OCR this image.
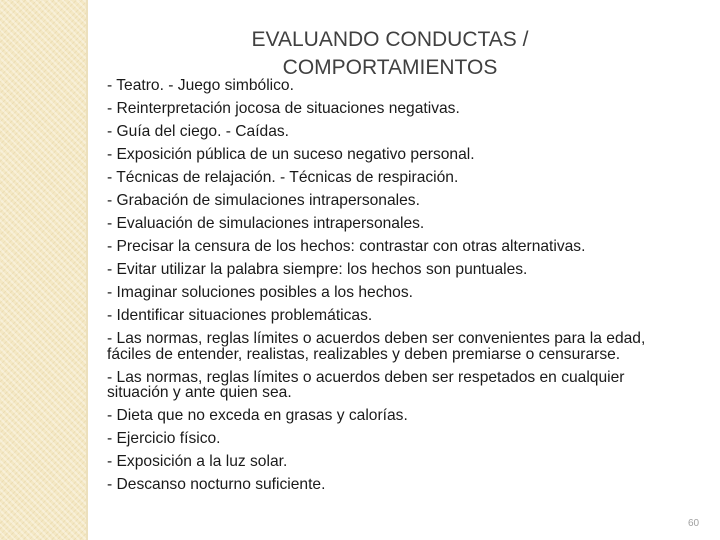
EVALUANDO CONDUCTAS /
COMPORTAMIENTOS
- Teatro. - Juego simbólico.
- Reinterpretación jocosa de situaciones negativas.
- Guía del ciego. - Caídas.
- Exposición pública de un suceso negativo personal.
- Técnicas de relajación. - Técnicas de respiración.
- Grabación de simulaciones intrapersonales.
- Evaluación de simulaciones intrapersonales.
- Precisar la censura de los hechos: contrastar con otras alternativas.
- Evitar utilizar la palabra siempre: los hechos son puntuales.
- Imaginar soluciones posibles a los hechos.
- Identificar situaciones problemáticas.
- Las normas, reglas límites o acuerdos deben ser convenientes para la edad, fáciles de entender, realistas, realizables y deben premiarse o censurarse.
- Las normas, reglas límites o acuerdos deben ser respetados en cualquier situación y ante quien sea.
- Dieta que no exceda en grasas y calorías.
- Ejercicio físico.
- Exposición a la luz solar.
- Descanso nocturno suficiente.
60
